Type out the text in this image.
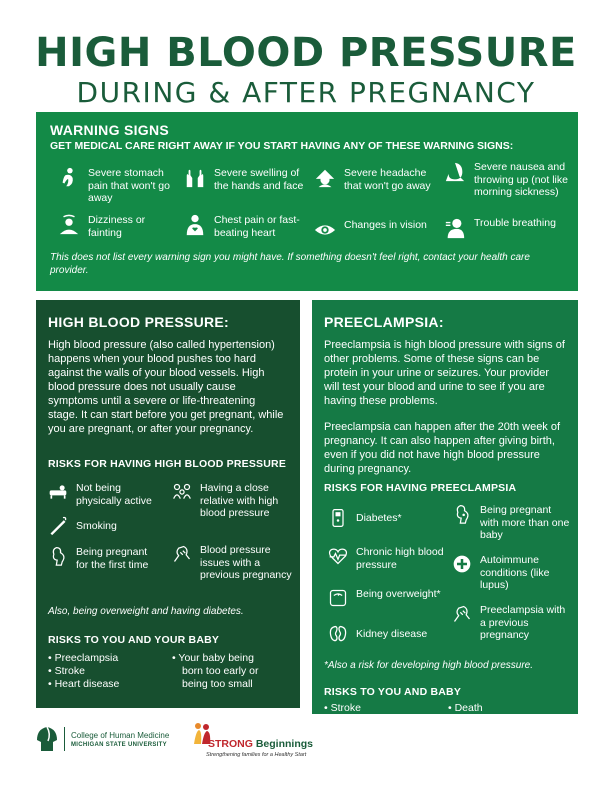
HIGH BLOOD PRESSURE
DURING & AFTER PREGNANCY
WARNING SIGNS
GET MEDICAL CARE RIGHT AWAY IF YOU START HAVING ANY OF THESE WARNING SIGNS:
Severe stomach pain that won't go away
Severe swelling of the hands and face
Severe headache that won't go away
Severe nausea and throwing up (not like morning sickness)
Dizziness or fainting
Chest pain or fast-beating heart
Changes in vision	Trouble breathing
This does not list every warning sign you might have. If something doesn't feel right, contact your health care provider.
HIGH BLOOD PRESSURE:
High blood pressure (also called hypertension) happens when your blood pushes too hard against the walls of your blood vessels. High blood pressure does not usually cause symptoms until a severe or life-threatening stage. It can start before you get pregnant, while you are pregnant, or after your pregnancy.
RISKS FOR HAVING HIGH BLOOD PRESSURE
Not being physically active
Having a close relative with high blood pressure
Smoking
Being pregnant for the first time
Blood pressure issues with a previous pregnancy
Also, being overweight and having diabetes.
RISKS TO YOU AND YOUR BABY
• Preeclampsia
• Stroke
• Heart disease
• Your baby being
born too early or
being too small
PREECLAMPSIA:
Preeclampsia is high blood pressure with signs of other problems. Some of these signs can be protein in your urine or seizures. Your provider will test your blood and urine to see if you are having these problems.
Preeclampsia can happen after the 20th week of pregnancy. It can also happen after giving birth, even if you did not have high blood pressure during pregnancy.
RISKS FOR HAVING PREECLAMPSIA
Diabetes*
Being pregnant with more than one baby
Chronic high blood pressure	Autoimmune conditions (like lupus)
Being overweight*
Preeclampsia with a previous pregnancy
Kidney disease
*Also a risk for developing high blood pressure.
RISKS TO YOU AND BABY
• Stroke
• Seizures
• Organ damage
• Death
• Your baby being
born too early
College of Human Medicine
MICHIGAN STATE UNIVERSITY	STRONG Beginnings
Strengthening families for a Healthy Start
